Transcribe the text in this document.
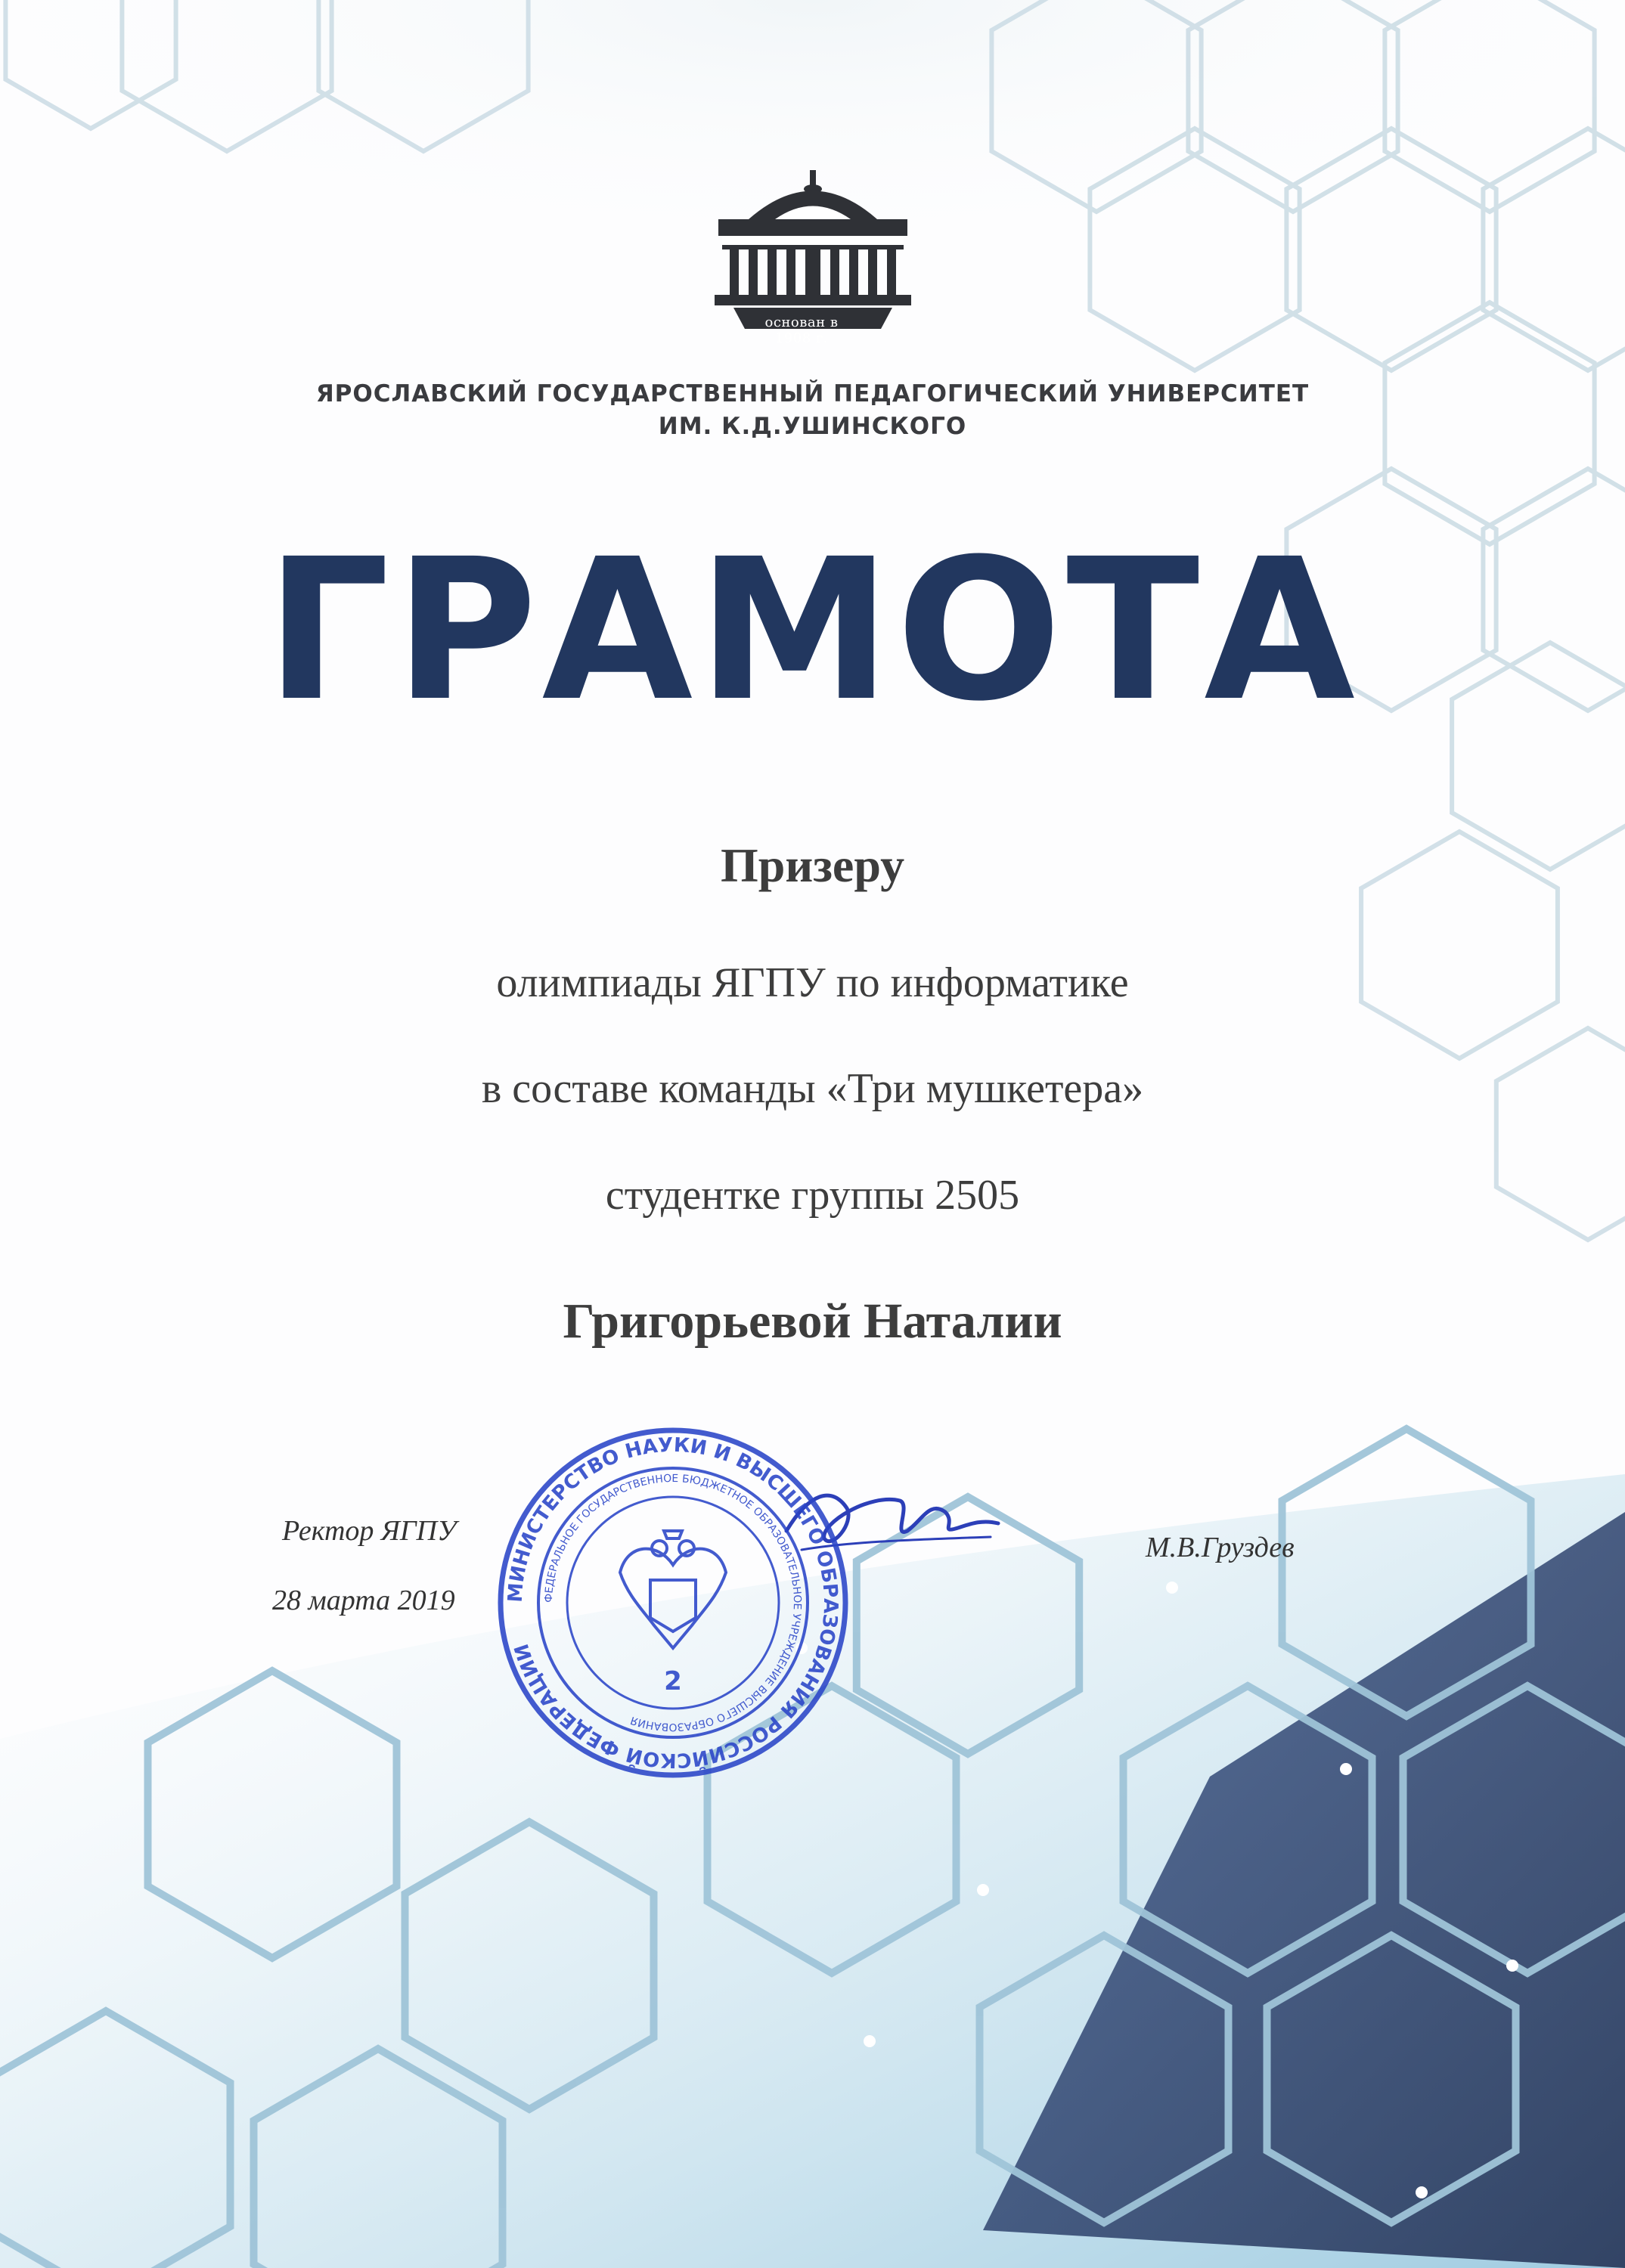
основан в 1908 г.
ЯРОСЛАВСКИЙ ГОСУДАРСТВЕННЫЙ ПЕДАГОГИЧЕСКИЙ УНИВЕРСИТЕТ
ИМ. К.Д.УШИНСКОГО
ГРАМОТА
Призеру
олимпиады ЯГПУ по информатике
в составе команды «Три мушкетера»
студентке группы 2505
Григорьевой Наталии
Ректор ЯГПУ
28 марта 2019
М.В.Груздев
МИНИСТЕРСТВО НАУКИ И ВЫСШЕГО ОБРАЗОВАНИЯ РОССИЙСКОЙ ФЕДЕРАЦИИ
ФЕДЕРАЛЬНОЕ ГОСУДАРСТВЕННОЕ БЮДЖЕТНОЕ ОБРАЗОВАТЕЛЬНОЕ УЧРЕЖДЕНИЕ ВЫСШЕГО ОБРАЗОВАНИЯ
2
